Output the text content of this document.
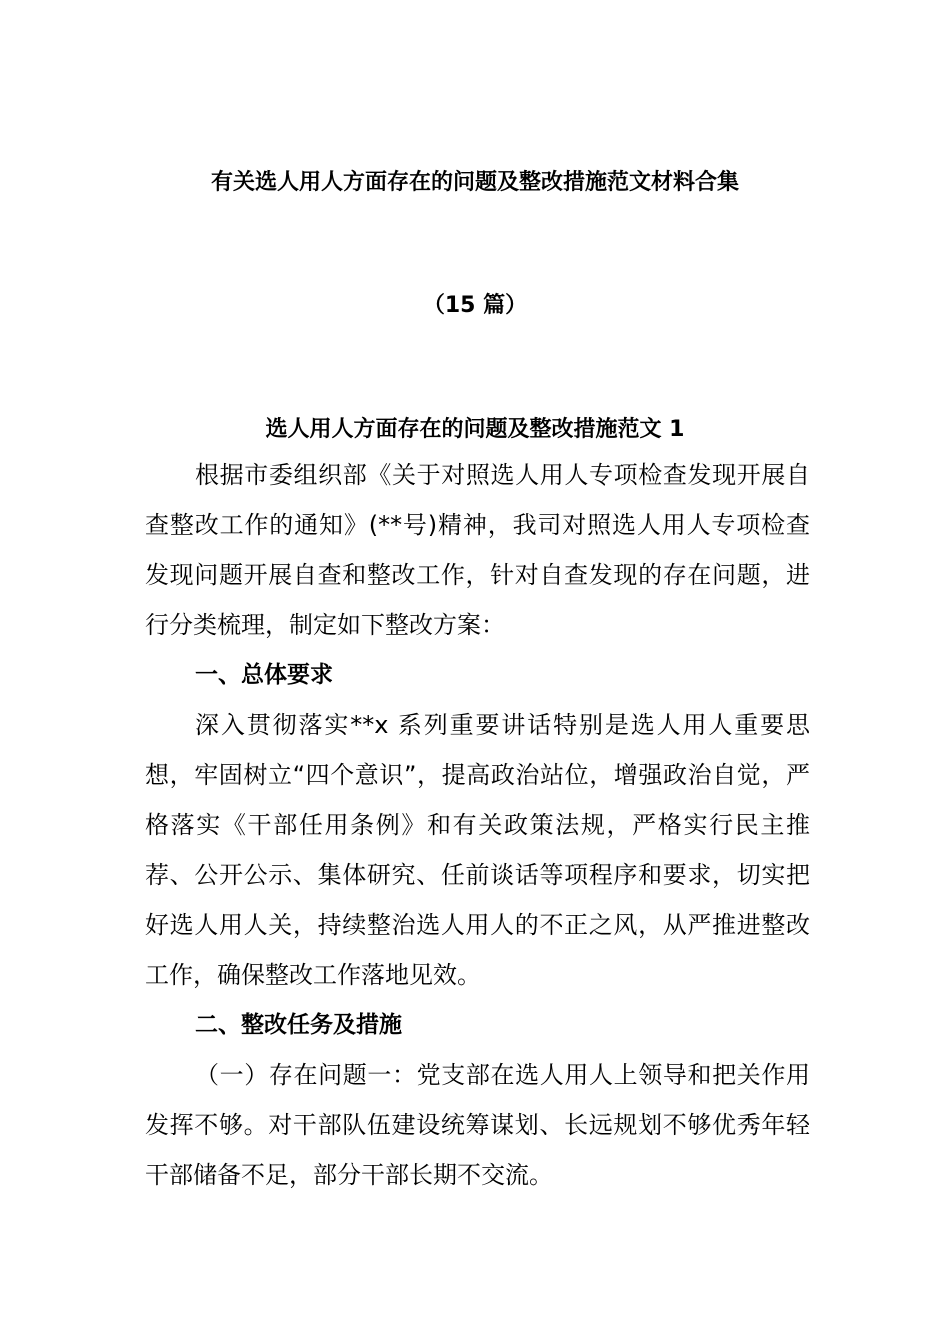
有关选人用人方面存在的问题及整改措施范文材料合集
（15 篇）
选人用人方面存在的问题及整改措施范文 1

根据市委组织部《关于对照选人用人专项检查发现开展自查整改工作的通知》(**号)精神，我司对照选人用人专项检查发现问题开展自查和整改工作，针对自查发现的存在问题，进行分类梳理，制定如下整改方案：

一、总体要求

深入贯彻落实**x 系列重要讲话特别是选人用人重要思想，牢固树立“四个意识”，提高政治站位，增强政治自觉，严格落实《干部任用条例》和有关政策法规，严格实行民主推荐、公开公示、集体研究、任前谈话等项程序和要求，切实把好选人用人关，持续整治选人用人的不正之风，从严推进整改工作，确保整改工作落地见效。

二、整改任务及措施

（一）存在问题一：党支部在选人用人上领导和把关作用发挥不够。对干部队伍建设统筹谋划、长远规划不够优秀年轻干部储备不足，部分干部长期不交流。
